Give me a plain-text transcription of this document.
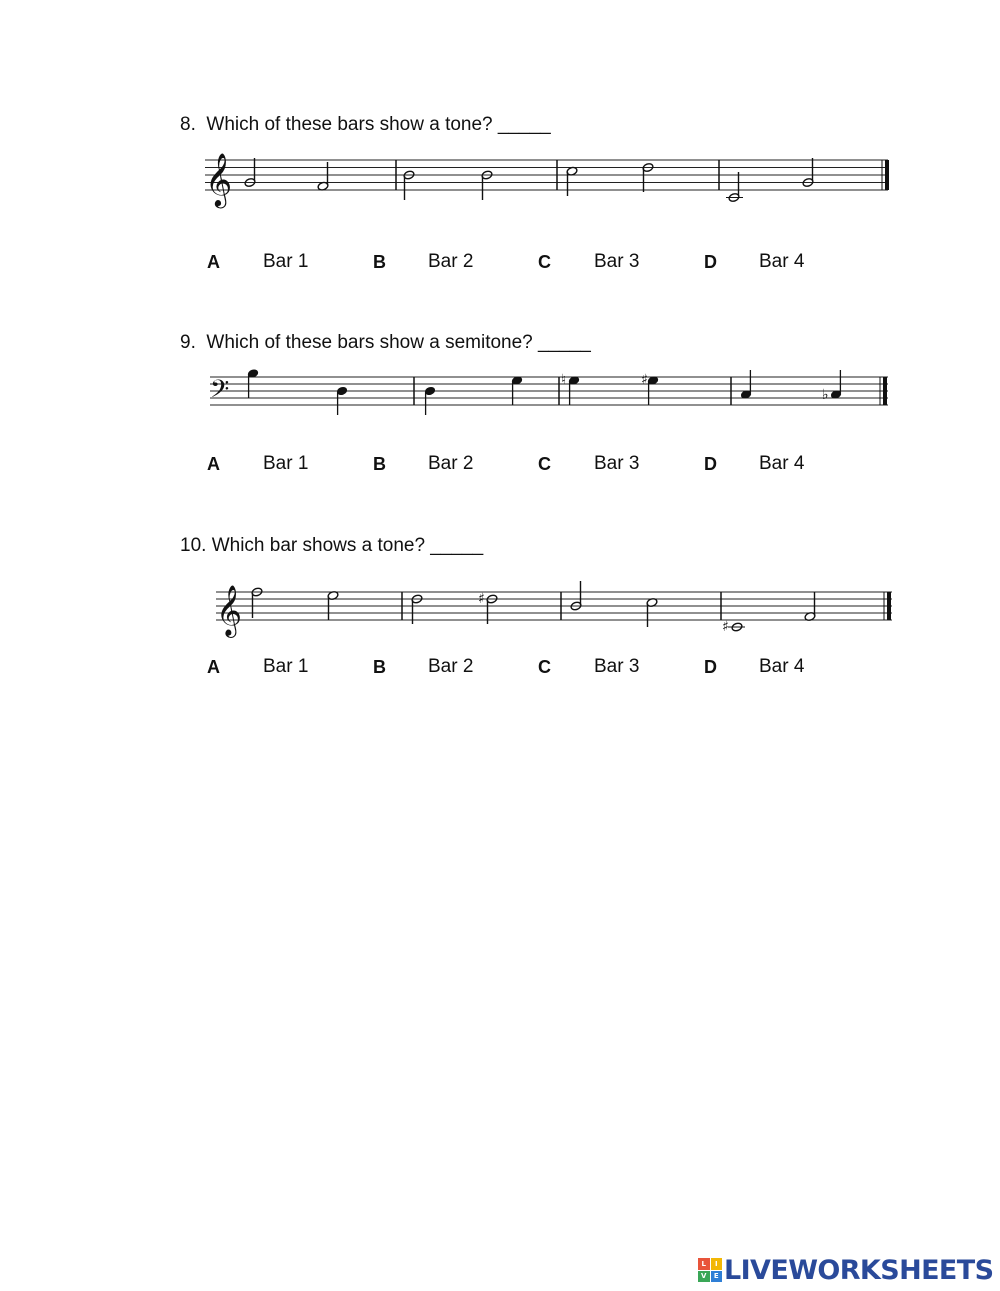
8.  Which of these bars show a tone? _____
𝄞
A Bar 1	B Bar 2	C Bar 3	D Bar 4
9.  Which of these bars show a semitone? _____
𝄢	♮	♯
♭
A Bar 1	B Bar 2	C Bar 3	D Bar 4
10. Which bar shows a tone? _____
𝄞	♯
♯
A Bar 1	B Bar 2	C Bar 3	D Bar 4
L	I
V	E LIVEWORKSHEETS
